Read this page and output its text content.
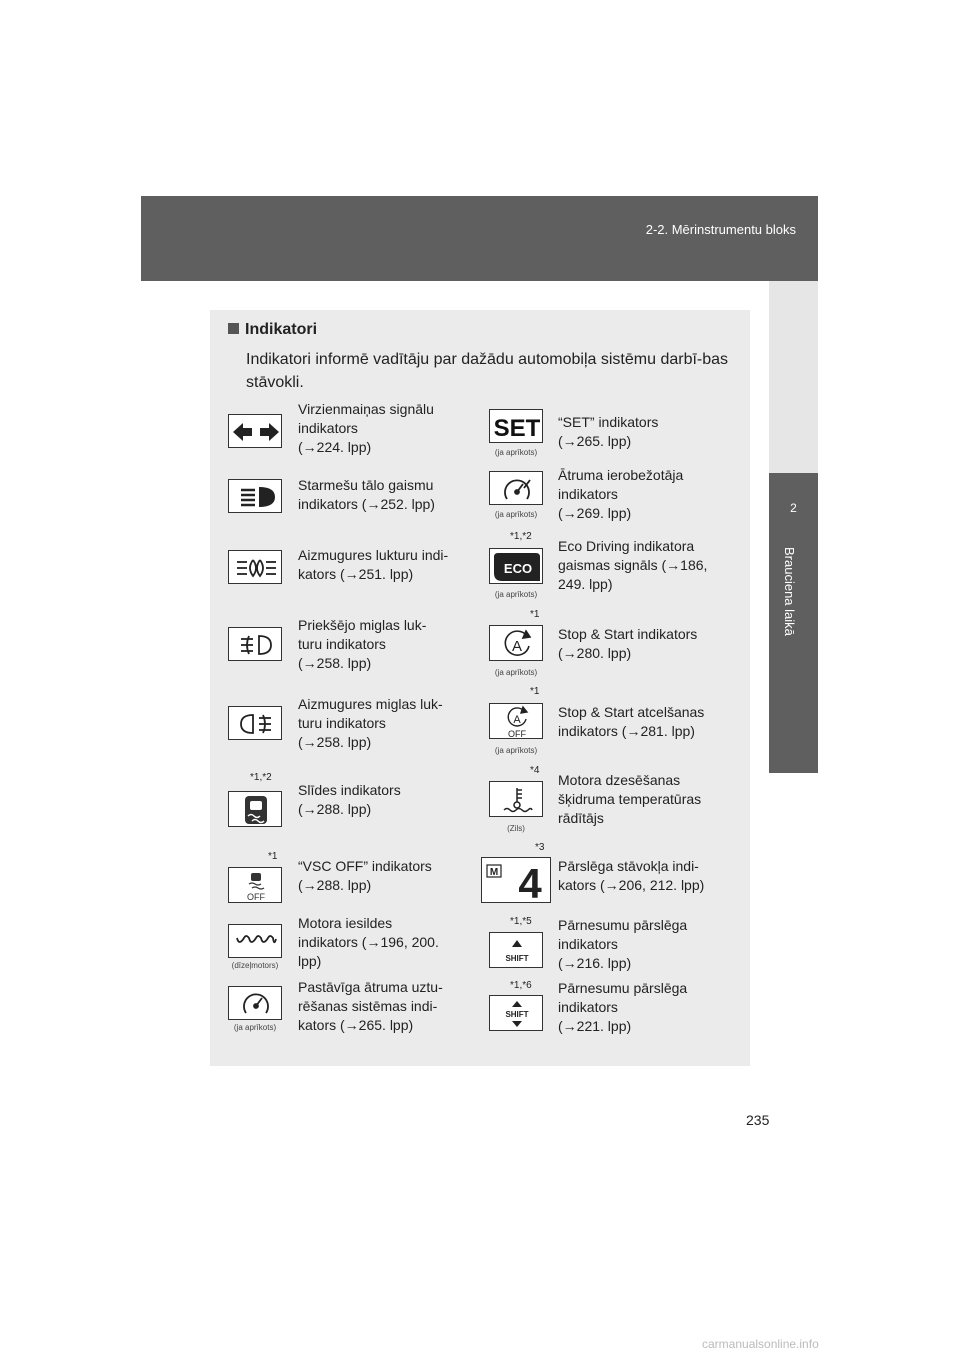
2-2. Mērinstrumentu bloks
2
Brauciena laikā
Indikatori
Indikatori informē vadītāju par dažādu automobiļa sistēmu darbī-bas stāvokli.
Virzienmaiņas signālu
indikators
(→224. lpp)
Starmešu tālo gaismu
indikators (→252. lpp)
Aizmugures lukturu indi-
kators (→251. lpp)
Priekšējo miglas luk-
turu indikators
(→258. lpp)
Aizmugures miglas luk-
turu indikators
(→258. lpp)
*1,*2
Slīdes indikators
(→288. lpp)
*1
OFF
“VSC OFF” indikators
(→288. lpp)
(dīzeļmotors)
Motora iesildes
indikators (→196, 200.
lpp)
(ja aprīkots)
Pastāvīga ātruma uztu-
rēšanas sistēmas indi-
kators (→265. lpp)
SET
(ja aprīkots)
“SET” indikators
(→265. lpp)
(ja aprīkots)
Ātruma ierobežotāja
indikators
(→269. lpp)
*1,*2
ECO
(ja aprīkots)
Eco Driving indikatora
gaismas signāls (→186,
249. lpp)
*1
A
(ja aprīkots)
Stop & Start indikators
(→280. lpp)
*1
A
OFF
(ja aprīkots)
Stop & Start atcelšanas
indikators (→281. lpp)
*4
(Zils)
Motora dzesēšanas
šķidruma temperatūras
rādītājs
*3
M 4 Pārslēga stāvokļa indi-
kators (→206, 212. lpp)
*1,*5
SHIFT
Pārnesumu pārslēga
indikators
(→216. lpp)
*1,*6
SHIFT
Pārnesumu pārslēga
indikators
(→221. lpp)
235
carmanualsonline.info
